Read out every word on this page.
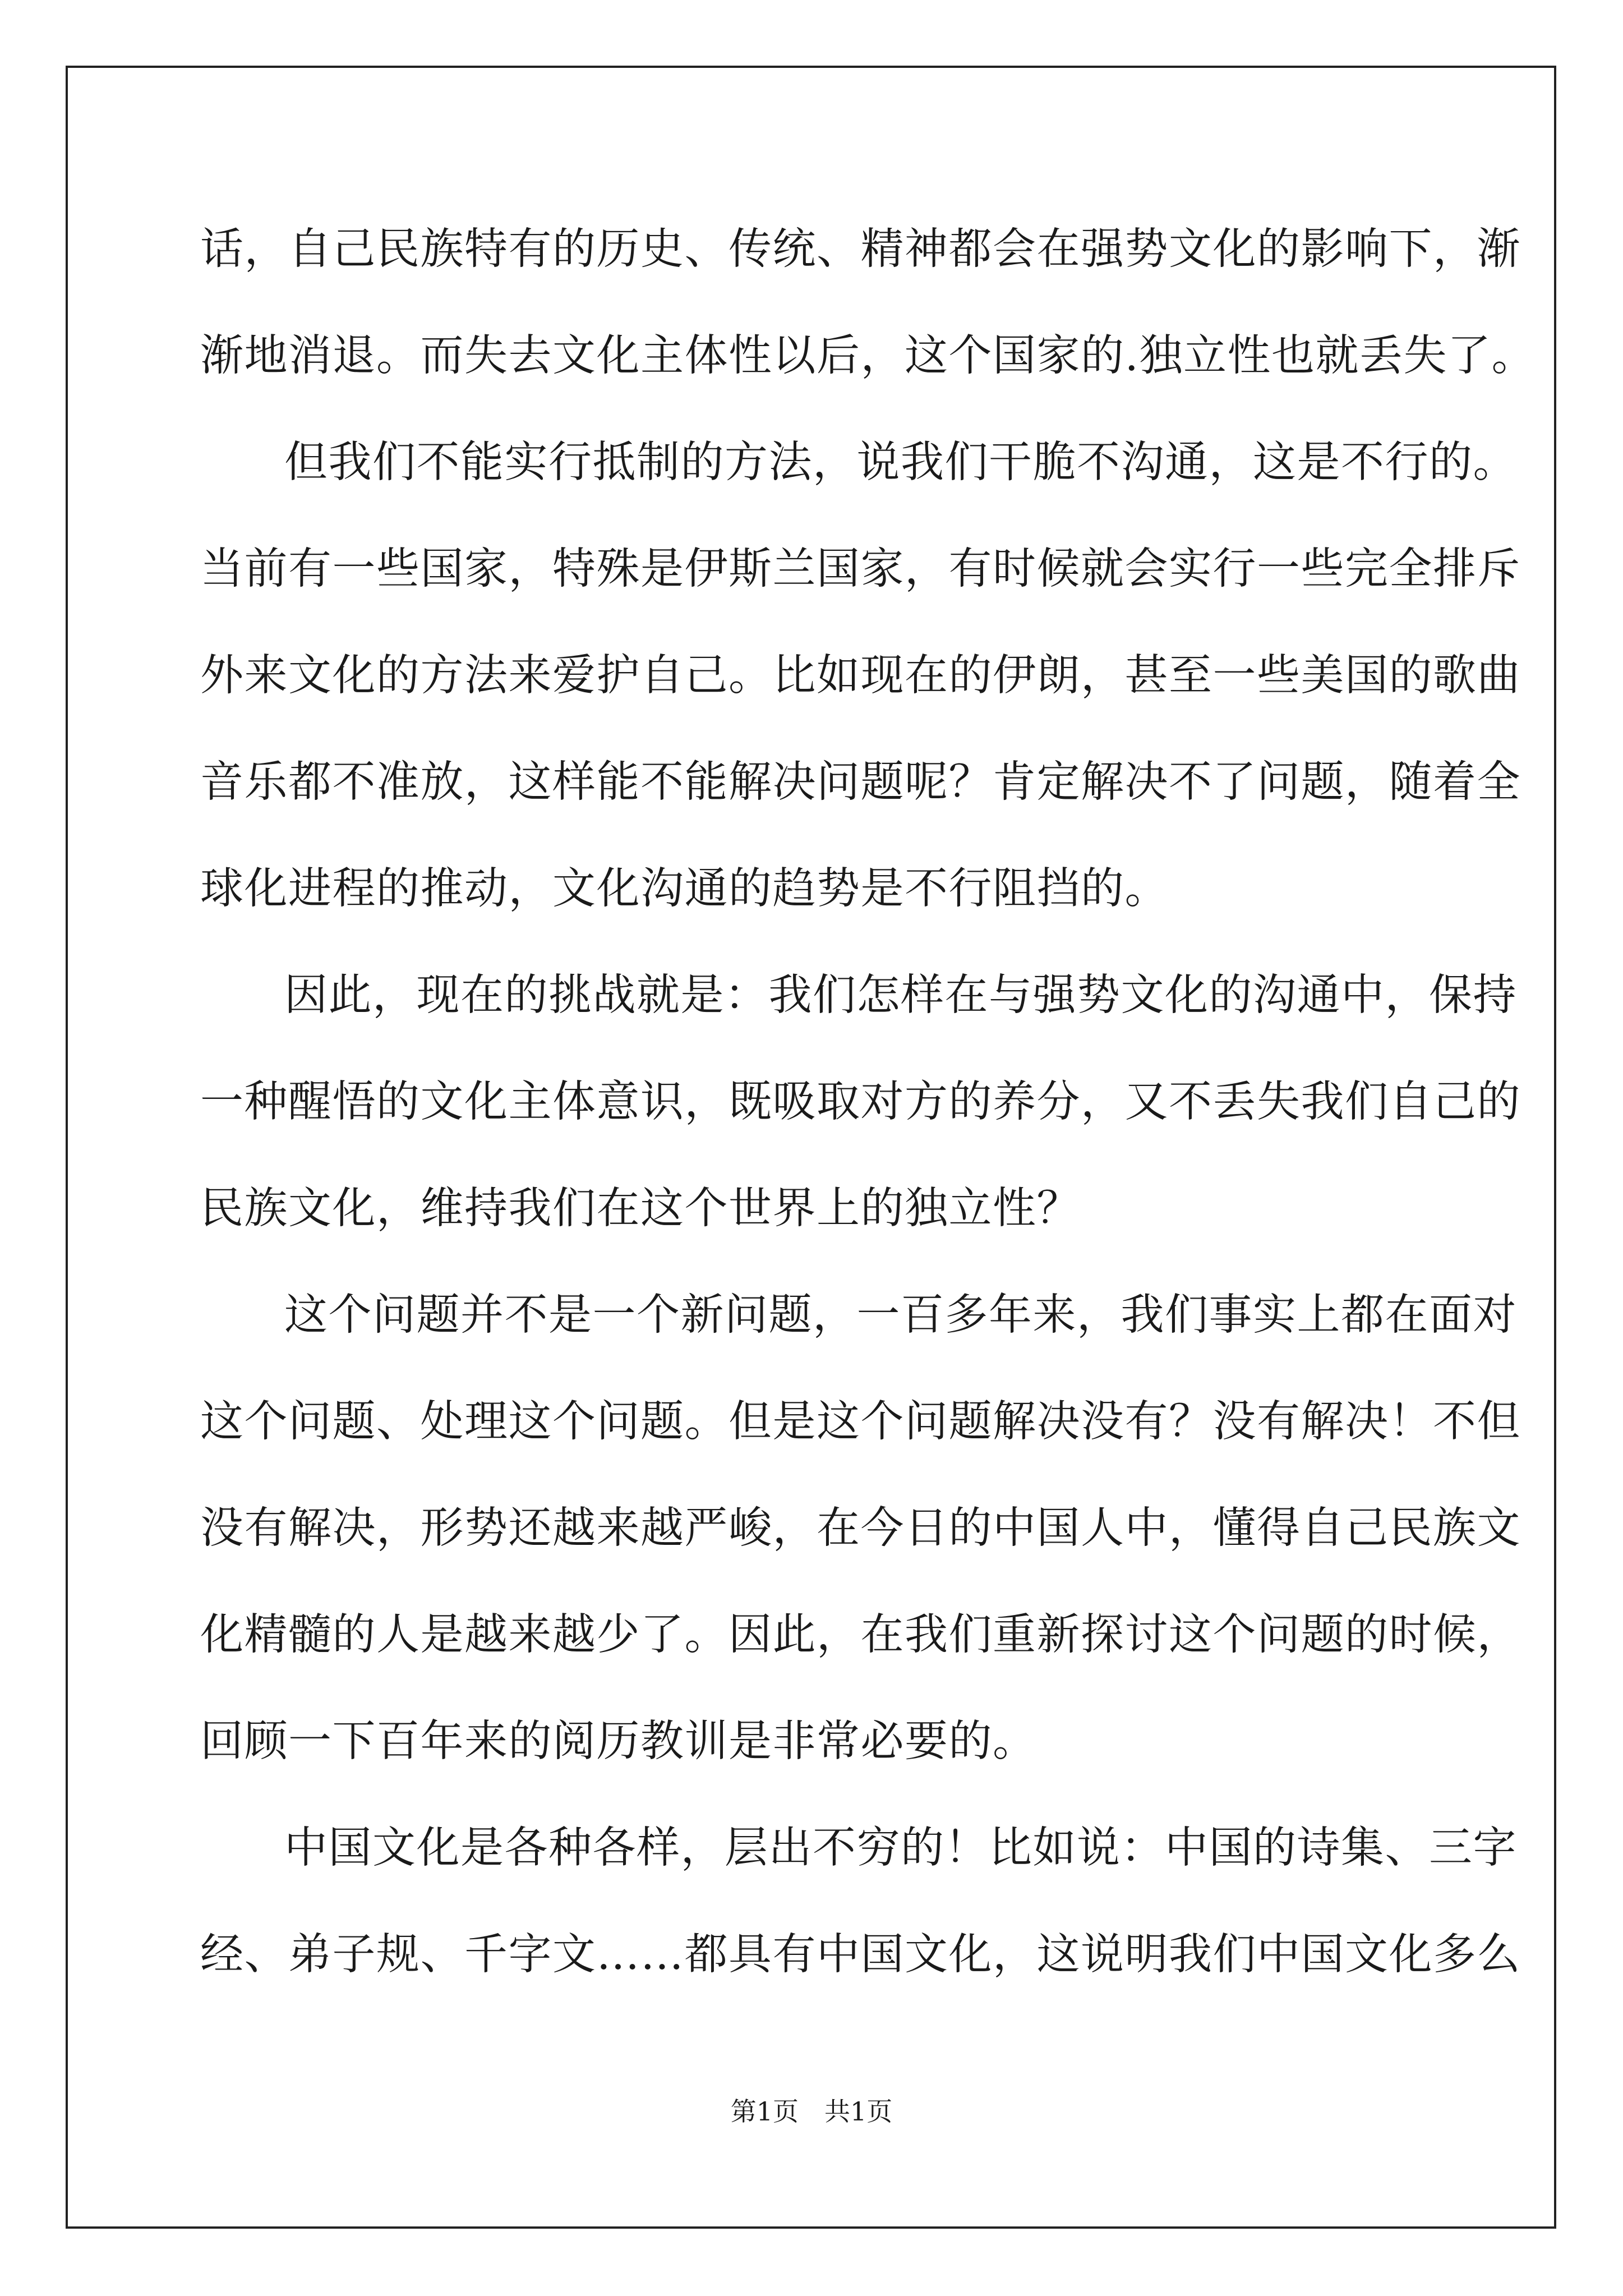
话，自己民族特有的历史、传统、精神都会在强势文化的影响下，渐
渐地消退。而失去文化主体性以后，这个国家的.独立性也就丢失了。
但我们不能实行抵制的方法，说我们干脆不沟通，这是不行的。
当前有一些国家，特殊是伊斯兰国家，有时候就会实行一些完全排斥
外来文化的方法来爱护自己。比如现在的伊朗，甚至一些美国的歌曲
音乐都不准放，这样能不能解决问题呢？肯定解决不了问题，随着全
球化进程的推动，文化沟通的趋势是不行阻挡的。
因此，现在的挑战就是：我们怎样在与强势文化的沟通中，保持
一种醒悟的文化主体意识，既吸取对方的养分，又不丢失我们自己的
民族文化，维持我们在这个世界上的独立性？
这个问题并不是一个新问题，一百多年来，我们事实上都在面对
这个问题、处理这个问题。但是这个问题解决没有？没有解决！不但
没有解决，形势还越来越严峻，在今日的中国人中，懂得自己民族文
化精髓的人是越来越少了。因此，在我们重新探讨这个问题的时候，
回顾一下百年来的阅历教训是非常必要的。
中国文化是各种各样，层出不穷的！比如说：中国的诗集、三字
经、弟子规、千字文……都具有中国文化，这说明我们中国文化多么
第1页 共1页
